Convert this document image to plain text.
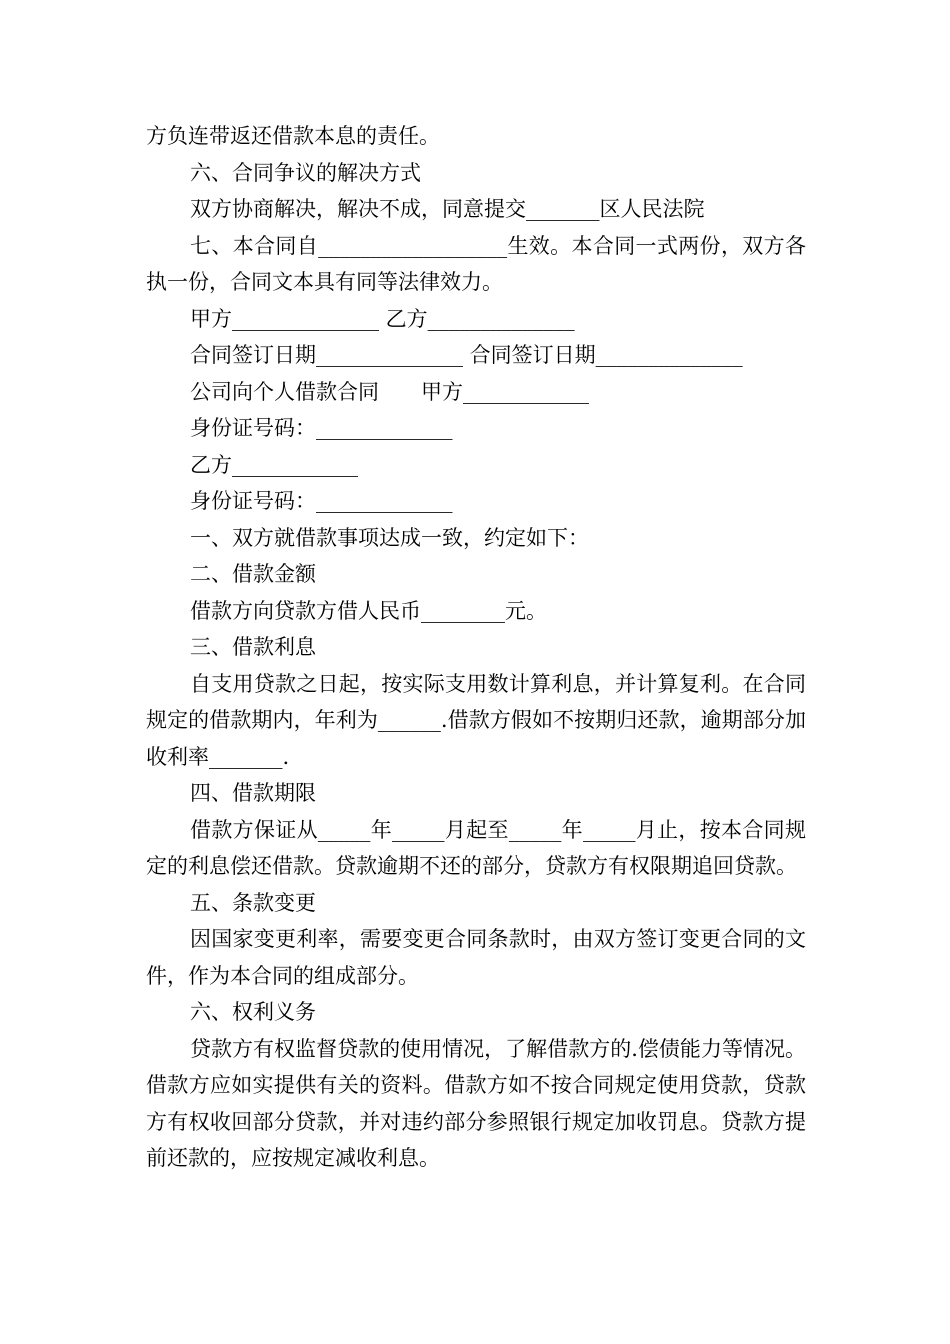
方负连带返还借款本息的责任。

六、合同争议的解决方式

双方协商解决，解决不成，同意提交_______区人民法院

七、本合同自__________________生效。本合同一式两份，双方各执一份，合同文本具有同等法律效力。

甲方______________ 乙方______________

合同签订日期______________ 合同签订日期______________

公司向个人借款合同　　甲方____________

身份证号码：_____________

乙方____________

身份证号码：_____________

一、双方就借款事项达成一致，约定如下：

二、借款金额

借款方向贷款方借人民币________元。

三、借款利息

自支用贷款之日起，按实际支用数计算利息，并计算复利。在合同规定的借款期内，年利为______.借款方假如不按期归还款，逾期部分加收利率_______.

四、借款期限

借款方保证从_____年_____月起至_____年_____月止，按本合同规定的利息偿还借款。贷款逾期不还的部分，贷款方有权限期追回贷款。

五、条款变更

因国家变更利率，需要变更合同条款时，由双方签订变更合同的文件，作为本合同的组成部分。

六、权利义务

贷款方有权监督贷款的使用情况，了解借款方的.偿债能力等情况。借款方应如实提供有关的资料。借款方如不按合同规定使用贷款，贷款方有权收回部分贷款，并对违约部分参照银行规定加收罚息。贷款方提前还款的，应按规定减收利息。
